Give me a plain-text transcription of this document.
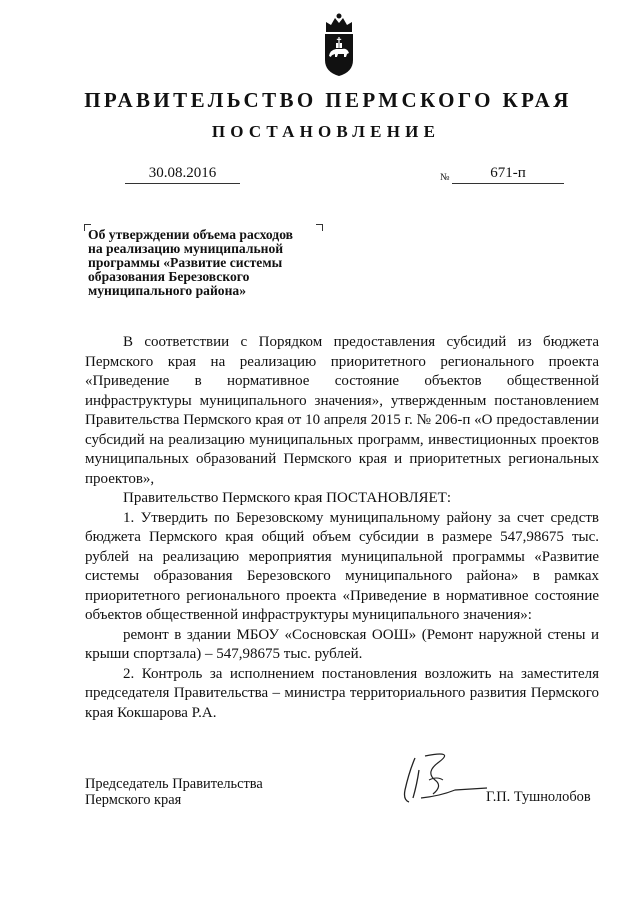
ПРАВИТЕЛЬСТВО ПЕРМСКОГО КРАЯ
ПОСТАНОВЛЕНИЕ
30.08.2016	№	671-п
Об утверждении объема расходов
на реализацию муниципальной
программы «Развитие системы
образования Березовского
муниципального района»

В соответствии с Порядком предоставления субсидий из бюджета Пермского края на реализацию приоритетного регионального проекта «Приведение в нормативное состояние объектов общественной инфраструктуры муниципального значения», утвержденным постановлением Правительства Пермского края от 10 апреля 2015 г. № 206-п «О предоставлении субсидий на реализацию муниципальных программ, инвестиционных проектов муниципальных образований Пермского края и приоритетных региональных проектов»,

Правительство Пермского края ПОСТАНОВЛЯЕТ:

1. Утвердить по Березовскому муниципальному району за счет средств бюджета Пермского края общий объем субсидии в размере 547,98675 тыс. рублей на реализацию мероприятия муниципальной программы «Развитие системы образования Березовского муниципального района» в рамках приоритетного регионального проекта «Приведение в нормативное состояние объектов общественной инфраструктуры муниципального значения»:

ремонт в здании МБОУ «Сосновская ООШ» (Ремонт наружной стены и крыши спортзала) – 547,98675 тыс. рублей.

2. Контроль за исполнением постановления возложить на заместителя председателя Правительства – министра территориального развития Пермского края Кокшарова Р.А.

Председатель Правительства
Пермского края	Г.П. Тушнолобов
